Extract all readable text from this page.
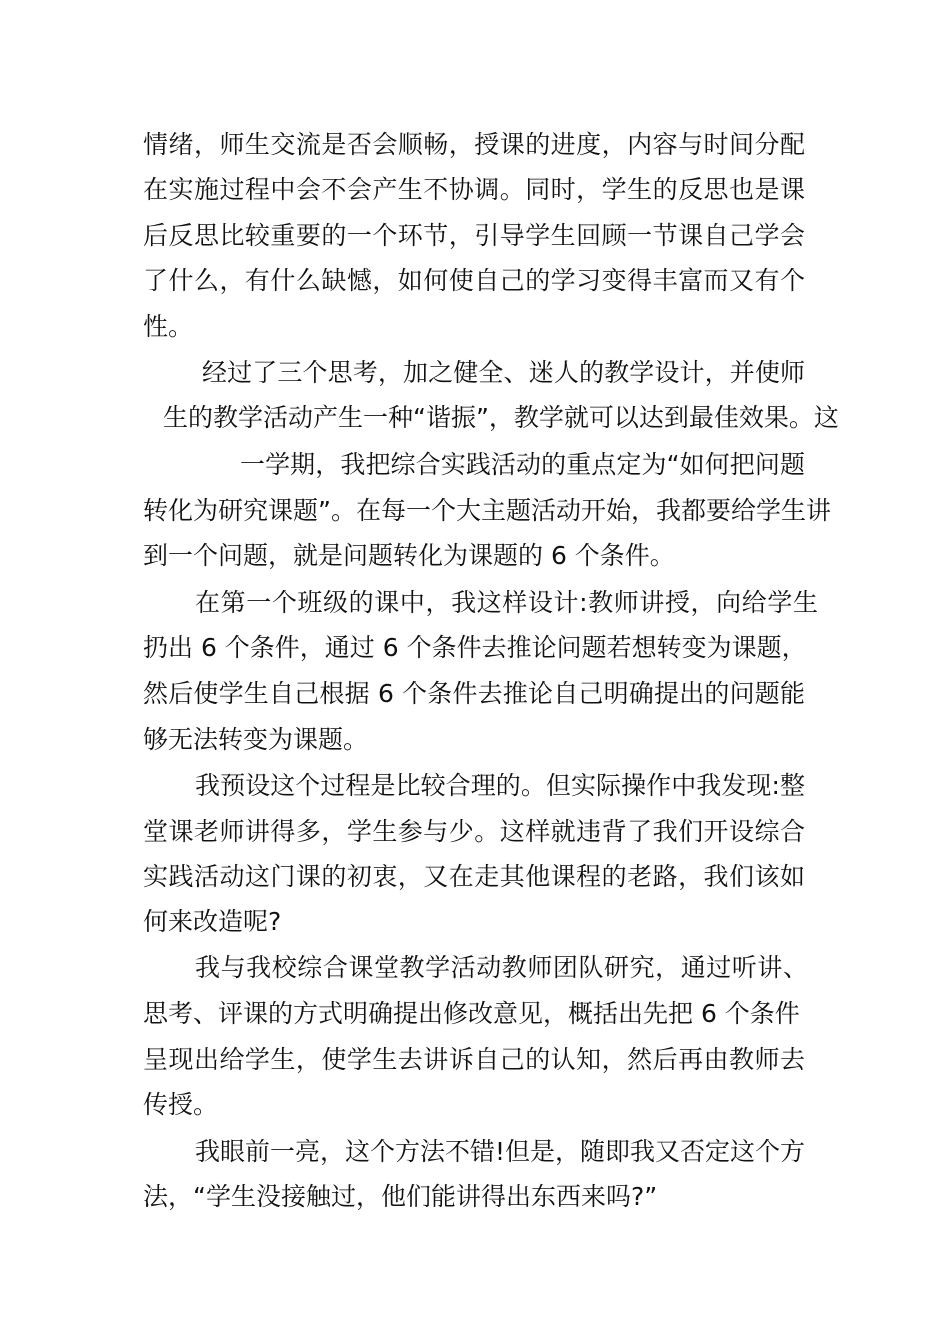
情绪，师生交流是否会顺畅，授课的进度，内容与时间分配
在实施过程中会不会产生不协调。同时，学生的反思也是课
后反思比较重要的一个环节，引导学生回顾一节课自己学会
了什么，有什么缺憾，如何使自己的学习变得丰富而又有个
性。
经过了三个思考，加之健全、迷人的教学设计，并使师
生的教学活动产生一种“谐振”，教学就可以达到最佳效果。这
一学期，我把综合实践活动的重点定为“如何把问题
转化为研究课题”。在每一个大主题活动开始，我都要给学生讲
到一个问题，就是问题转化为课题的 6 个条件。
在第一个班级的课中，我这样设计:教师讲授，向给学生
扔出 6 个条件，通过 6 个条件去推论问题若想转变为课题，
然后使学生自己根据 6 个条件去推论自己明确提出的问题能
够无法转变为课题。
我预设这个过程是比较合理的。但实际操作中我发现:整
堂课老师讲得多，学生参与少。这样就违背了我们开设综合
实践活动这门课的初衷，又在走其他课程的老路，我们该如
何来改造呢?
我与我校综合课堂教学活动教师团队研究，通过听讲、
思考、评课的方式明确提出修改意见，概括出先把 6 个条件
呈现出给学生，使学生去讲诉自己的认知，然后再由教师去
传授。
我眼前一亮，这个方法不错!但是，随即我又否定这个方
法，“学生没接触过，他们能讲得出东西来吗?”
